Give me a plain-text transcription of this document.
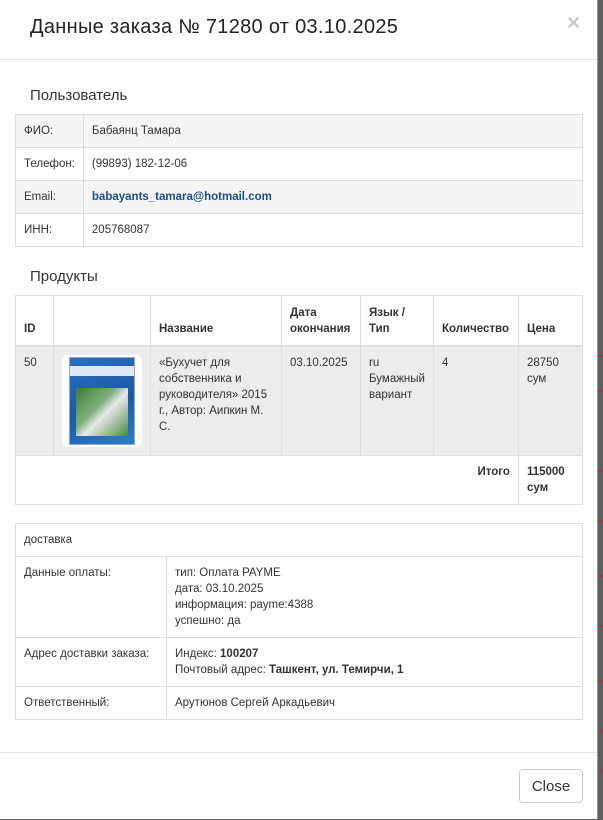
Данные заказа № 71280 от 03.10.2025	×
Пользователь
ФИО:	Бабаянц Тамара
Телефон:	(99893) 182-12-06
Email:	babayants_tamara@hotmail.com
ИНН:	205768087
Продукты
ID		Название	Дата окончания	Язык / Тип	Количество	Цена
50		«Бухучет для собственника и руководителя» 2015 г., Автор: Аипкин М. С.	03.10.2025	ru Бумажный вариант	4	28750 сум
Итого						115000 сум
доставка	
Данные оплаты:	тип: Оплата PAYME
дата: 03.10.2025
информация: payme:4388
успешно: да

Адрес доставки заказа:	Индекс: 100207
Почтовый адрес: Ташкент, ул. Темирчи, 1

Ответственный:	Арутюнов Сергей Аркадьевич
Close
